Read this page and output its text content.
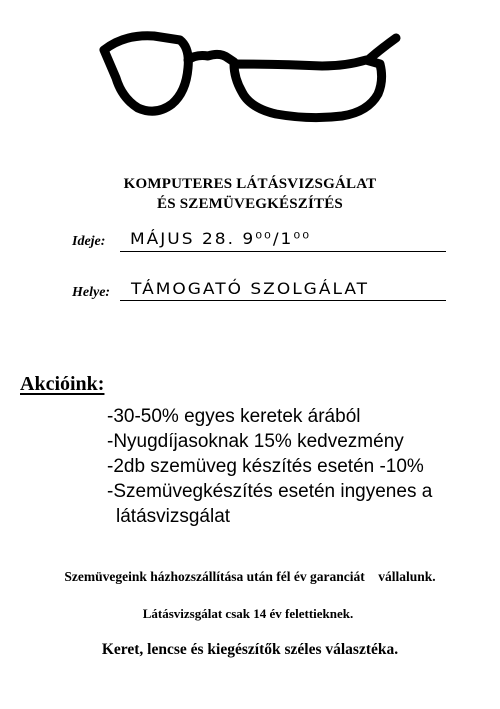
KOMPUTERES LÁTÁSVIZSGÁLAT
ÉS SZEMÜVEGKÉSZÍTÉS
Ideje: MÁJUS 28. 9⁰⁰/1⁰⁰
Helye: TÁMOGATÓ SZOLGÁLAT
Akcióink:
-30-50% egyes keretek árából
-Nyugdíjasoknak 15% kedvezmény
-2db szemüveg készítés esetén -10%
-Szemüvegkészítés esetén ingyenes a
látásvizsgálat
Szemüvegeink házhozszállítása után fél év garanciát    vállalunk.
Látásvizsgálat csak 14 év felettieknek.
Keret, lencse és kiegészítők széles választéka.
